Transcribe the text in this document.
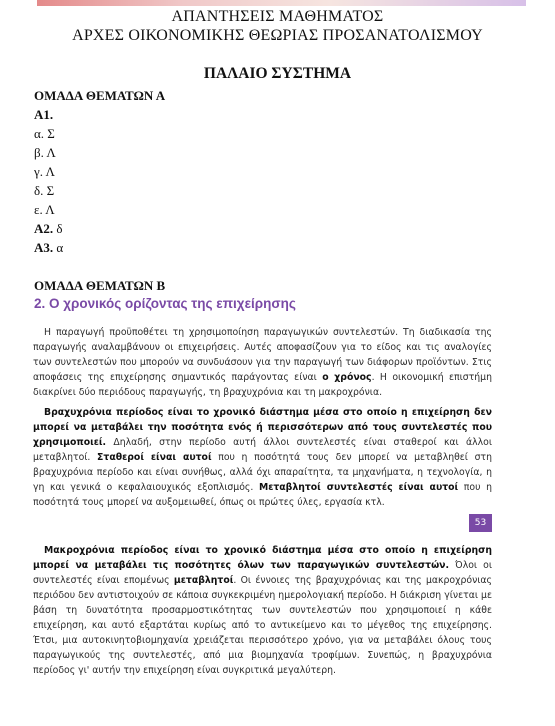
ΑΠΑΝΤΗΣΕΙΣ ΜΑΘΗΜΑΤΟΣ
ΑΡΧΕΣ ΟΙΚΟΝΟΜΙΚΗΣ ΘΕΩΡΙΑΣ ΠΡΟΣΑΝΑΤΟΛΙΣΜΟΥ
ΠΑΛΑΙΟ ΣΥΣΤΗΜΑ
ΟΜΑΔΑ ΘΕΜΑΤΩΝ Α
Α1.
α. Σ
β. Λ
γ. Λ
δ. Σ
ε. Λ
Α2. δ
Α3. α
ΟΜΑΔΑ ΘΕΜΑΤΩΝ Β
2. Ο χρονικός ορίζοντας της επιχείρησης
Η παραγωγή προϋποθέτει τη χρησιμοποίηση παραγωγικών συντελεστών. Τη διαδικασία της παραγωγής αναλαμβάνουν οι επιχειρήσεις. Αυτές αποφασίζουν για το είδος και τις αναλογίες των συντελεστών που μπορούν να συνδυάσουν για την παραγωγή των διάφορων προϊόντων. Στις αποφάσεις της επιχείρησης σημαντικός παράγοντας είναι ο χρόνος. Η οικονομική επιστήμη διακρίνει δύο περιόδους παραγωγής, τη βραχυχρόνια και τη μακροχρόνια.
Βραχυχρόνια περίοδος είναι το χρονικό διάστημα μέσα στο οποίο η επιχείρηση δεν μπορεί να μεταβάλει την ποσότητα ενός ή περισσότερων από τους συντελεστές που χρησιμοποιεί. Δηλαδή, στην περίοδο αυτή άλλοι συντελεστές είναι σταθεροί και άλλοι μεταβλητοί. Σταθεροί είναι αυτοί που η ποσότητά τους δεν μπορεί να μεταβληθεί στη βραχυχρόνια περίοδο και είναι συνήθως, αλλά όχι απαραίτητα, τα μηχανήματα, η τεχνολογία, η γη και γενικά ο κεφαλαιουχικός εξοπλισμός. Μεταβλητοί συντελεστές είναι αυτοί που η ποσότητά τους μπορεί να αυξομειωθεί, όπως οι πρώτες ύλες, εργασία κτλ.
53
Μακροχρόνια περίοδος είναι το χρονικό διάστημα μέσα στο οποίο η επιχείρηση μπορεί να μεταβάλει τις ποσότητες όλων των παραγωγικών συντελεστών. Όλοι οι συντελεστές είναι επομένως μεταβλητοί. Οι έννοιες της βραχυχρόνιας και της μακροχρόνιας περιόδου δεν αντιστοιχούν σε κάποια συγκεκριμένη ημερολογιακή περίοδο. Η διάκριση γίνεται με βάση τη δυνατότητα προσαρμοστικότητας των συντελεστών που χρησιμοποιεί η κάθε επιχείρηση, και αυτό εξαρτάται κυρίως από το αντικείμενο και το μέγεθος της επιχείρησης. Έτσι, μια αυτοκινητοβιομηχανία χρειάζεται περισσότερο χρόνο, για να μεταβάλει όλους τους παραγωγικούς της συντελεστές, από μια βιομηχανία τροφίμων. Συνεπώς, η βραχυχρόνια περίοδος γι' αυτήν την επιχείρηση είναι συγκριτικά μεγαλύτερη.
